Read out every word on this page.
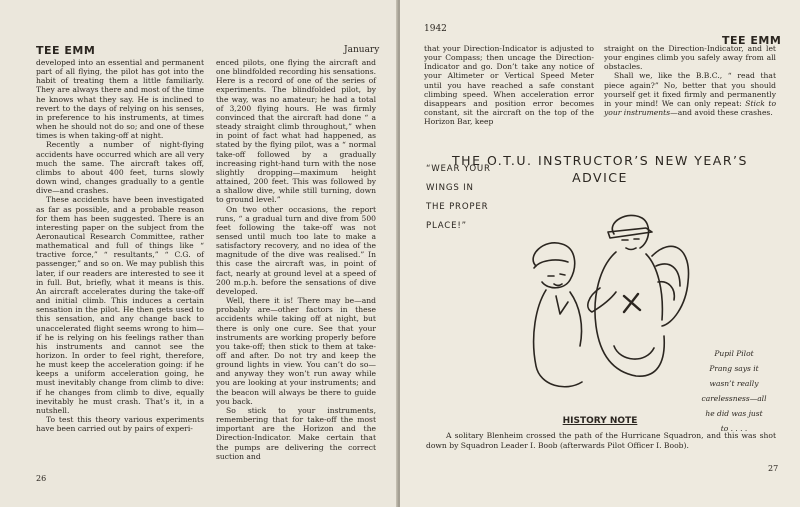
TEE EMM	January

developed into an essential and permanent part of all flying, the pilot has got into the habit of treating them a little familiarly. They are always there and most of the time he knows what they say. He is inclined to revert to the days of relying on his senses, in preference to his instruments, at times when he should not do so; and one of these times is when taking-off at night.

Recently a number of night-flying accidents have occurred which are all very much the same. The aircraft takes off, climbs to about 400 feet, turns slowly down wind, changes gradually to a gentle dive—and crashes.

These accidents have been investigated as far as possible, and a probable reason for them has been suggested. There is an interesting paper on the subject from the Aeronautical Research Committee, rather mathematical and full of things like “ tractive force,” “ resultants,” “ C.G. of passenger,” and so on. We may publish this later, if our readers are interested to see it in full. But, briefly, what it means is this. An aircraft accelerates during the take-off and initial climb. This induces a certain sensation in the pilot. He then gets used to this sensation, and any change back to unaccelerated flight seems wrong to him—if he is relying on his feelings rather than his instruments and cannot see the horizon. In order to feel right, therefore, he must keep the acceleration going: if he keeps a uniform acceleration going, he must inevitably change from climb to dive: if he changes from climb to dive, equally inevitably he must crash. That’s it, in a nutshell.

To test this theory various experiments have been carried out by pairs of experi-

enced pilots, one flying the aircraft and one blindfolded recording his sensations. Here is a record of one of the series of experiments. The blindfolded pilot, by the way, was no amateur; he had a total of 3,200 flying hours. He was firmly convinced that the aircraft had done “ a steady straight climb throughout,” when in point of fact what had happened, as stated by the flying pilot, was a “ normal take-off followed by a gradually increasing right-hand turn with the nose slightly dropping—maximum height attained, 200 feet. This was followed by a shallow dive, while still turning, down to ground level.”

On two other occasions, the report runs, “ a gradual turn and dive from 500 feet following the take-off was not sensed until much too late to make a satisfactory recovery, and no idea of the magnitude of the dive was realised.” In this case the aircraft was, in point of fact, nearly at ground level at a speed of 200 m.p.h. before the sensations of dive developed.

Well, there it is! There may be—and probably are—other factors in these accidents while taking off at night, but there is only one cure. See that your instruments are working properly before you take-off; then stick to them at take-off and after. Do not try and keep the ground lights in view. You can’t do so—and anyway they won’t run away while you are looking at your instruments; and the beacon will always be there to guide you back.

So stick to your instruments, remembering that for take-off the most important are the Horizon and the Direction-Indicator. Make certain that the pumps are delivering the correct suction and

26
1942
TEE EMM

that your Direction-Indicator is adjusted to your Compass; then uncage the Direction-Indicator and go. Don’t take any notice of your Altimeter or Vertical Speed Meter until you have reached a safe constant climbing speed. When acceleration error disappears and position error becomes constant, sit the aircraft on the top of the Horizon Bar, keep

straight on the Direction-Indicator, and let your engines climb you safely away from all obstacles.

Shall we, like the B.B.C., “ read that piece again?” No, better that you should yourself get it fixed firmly and permanently in your mind! We can only repeat: Stick to your instruments—and avoid these crashes.

THE O.T.U. INSTRUCTOR’S NEW YEAR’S
ADVICE
“WEAR YOUR
WINGS IN
THE PROPER
PLACE!”
Pupil Pilot
Prang says it
wasn’t really
carelessness—all
he did was just
to . . . .
HISTORY NOTE
A solitary Blenheim crossed the path of the Hurricane Squadron, and this was shot down by Squadron Leader I. Boob (afterwards Pilot Officer I. Boob).
27
